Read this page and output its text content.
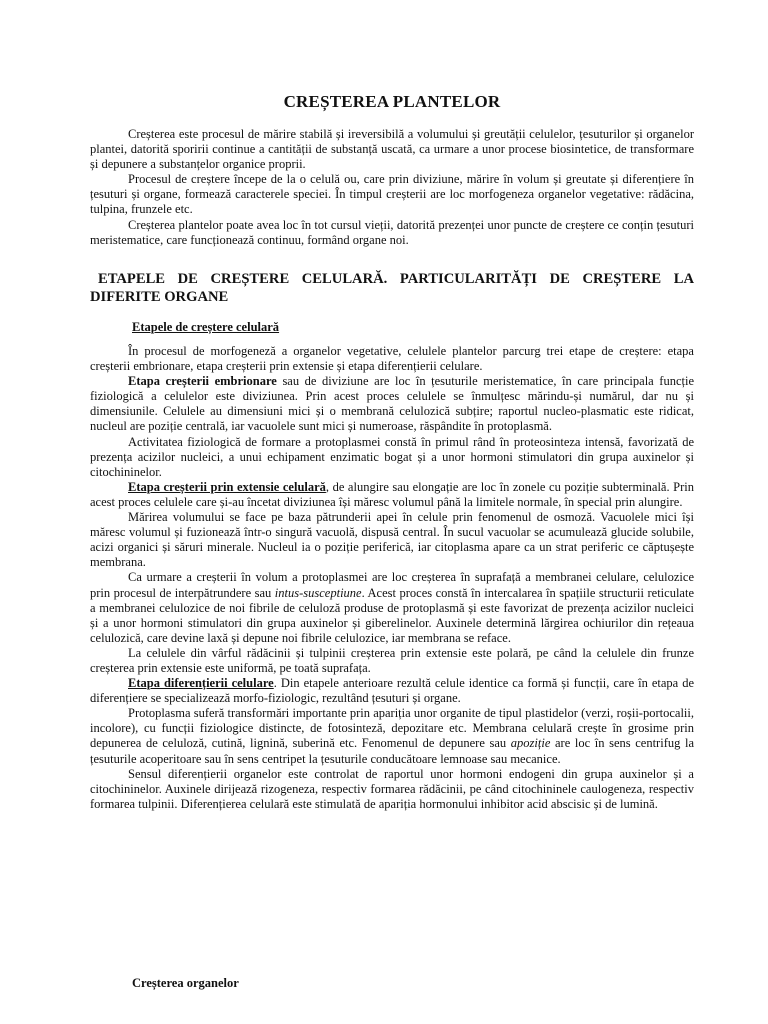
CREȘTEREA PLANTELOR

Creșterea este procesul de mărire stabilă și ireversibilă a volumului și greutății celulelor, țesuturilor și organelor plantei, datorită sporirii continue a cantității de substanță uscată, ca urmare a unor procese biosintetice, de transformare și depunere a substanțelor organice proprii.

Procesul de creștere începe de la o celulă ou, care prin diviziune, mărire în volum și greutate și diferențiere în țesuturi și organe, formează caracterele speciei. În timpul creșterii are loc morfogeneza organelor vegetative: rădăcina, tulpina, frunzele etc.

Creșterea plantelor poate avea loc în tot cursul vieții, datorită prezenței unor puncte de creștere ce conțin țesuturi meristematice, care funcționează continuu, formând organe noi.

ETAPELE DE CREȘTERE CELULARĂ. PARTICULARITĂȚI DE CREȘTERE LA DIFERITE ORGANE
Etapele de creștere celulară

În procesul de morfogeneză a organelor vegetative, celulele plantelor parcurg trei etape de creștere: etapa creșterii embrionare, etapa creșterii prin extensie și etapa diferențierii celulare.

Etapa creșterii embrionare sau de diviziune are loc în țesuturile meristematice, în care principala funcție fiziologică a celulelor este diviziunea. Prin acest proces celulele se înmulțesc mărindu-și numărul, dar nu și dimensiunile. Celulele au dimensiuni mici și o membrană celulozică subțire; raportul nucleo-plasmatic este ridicat, nucleul are poziție centrală, iar vacuolele sunt mici și numeroase, răspândite în protoplasmă.

Activitatea fiziologică de formare a protoplasmei constă în primul rând în proteosinteza intensă, favorizată de prezența acizilor nucleici, a unui echipament enzimatic bogat și a unor hormoni stimulatori din grupa auxinelor și citochininelor.

Etapa creșterii prin extensie celulară, de alungire sau elongație are loc în zonele cu poziție subterminală. Prin acest proces celulele care și-au încetat diviziunea își măresc volumul până la limitele normale, în special prin alungire.

Mărirea volumului se face pe baza pătrunderii apei în celule prin fenomenul de osmoză. Vacuolele mici își măresc volumul și fuzionează într-o singură vacuolă, dispusă central. În sucul vacuolar se acumulează glucide solubile, acizi organici și săruri minerale. Nucleul ia o poziție periferică, iar citoplasma apare ca un strat periferic ce căptușește membrana.

Ca urmare a creșterii în volum a protoplasmei are loc creșterea în suprafață a membranei celulare, celulozice prin procesul de interpătrundere sau intus-susceptiune. Acest proces constă în intercalarea în spațiile structurii reticulate a membranei celulozice de noi fibrile de celuloză produse de protoplasmă și este favorizat de prezența acizilor nucleici și a unor hormoni stimulatori din grupa auxinelor și giberelinelor. Auxinele determină lărgirea ochiurilor din rețeaua celulozică, care devine laxă și depune noi fibrile celulozice, iar membrana se reface.

La celulele din vârful rădăcinii și tulpinii creșterea prin extensie este polară, pe când la celulele din frunze creșterea prin extensie este uniformă, pe toată suprafața.

Etapa diferențierii celulare. Din etapele anterioare rezultă celule identice ca formă și funcții, care în etapa de diferențiere se specializează morfo-fiziologic, rezultând țesuturi și organe.

Protoplasma suferă transformări importante prin apariția unor organite de tipul plastidelor (verzi, roșii-portocalii, incolore), cu funcții fiziologice distincte, de fotosinteză, depozitare etc. Membrana celulară crește în grosime prin depunerea de celuloză, cutină, lignină, suberină etc. Fenomenul de depunere sau apoziție are loc în sens centrifug la țesuturile acoperitoare sau în sens centripet la țesuturile conducătoare lemnoase sau mecanice.

Sensul diferențierii organelor este controlat de raportul unor hormoni endogeni din grupa auxinelor și a citochininelor. Auxinele dirijează rizogeneza, respectiv formarea rădăcinii, pe când citochininele caulogeneza, respectiv formarea tulpinii. Diferențierea celulară este stimulată de apariția hormonului inhibitor acid abscisic și de lumină.

Creșterea organelor
